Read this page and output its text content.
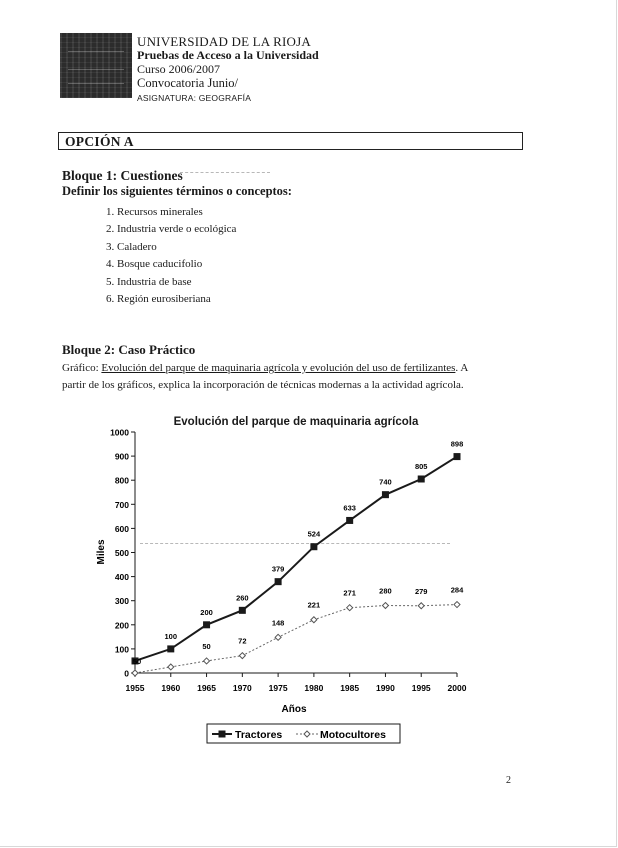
UNIVERSIDAD DE LA RIOJA
Pruebas de Acceso a la Universidad
Curso 2006/2007
Convocatoria Junio/
ASIGNATURA: GEOGRAFÍA
OPCIÓN A
Bloque 1: Cuestiones
Definir los siguientes términos o conceptos:
1. Recursos minerales
2. Industria verde o ecológica
3. Caladero
4. Bosque caducifolio
5. Industria de base
6. Región eurosiberiana
Bloque 2: Caso Práctico
Gráfico: Evolución del parque de maquinaria agrícola y evolución del uso de fertilizantes. A
partir de los gráficos, explica la incorporación de técnicas modernas a la actividad agrícola.
Evolución del parque de maquinaria agrícola
0
100
200
300
400
500
600
700
800
900
1000
1955 1960 1965 1970 1975 1980 1985 1990 1995 2000
Miles
Años
50
72
148
221
271	280	279	284
50
100
200
260
379
524
633
740
805
898
Tractores	Motocultores
2
